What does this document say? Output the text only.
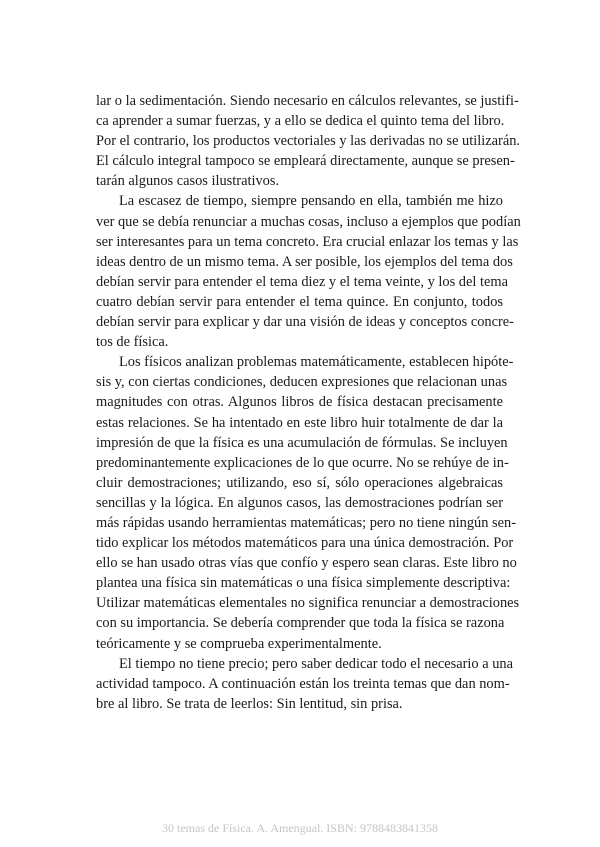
lar o la sedimentación. Siendo necesario en cálculos relevantes, se justifi-
ca aprender a sumar fuerzas, y a ello se dedica el quinto tema del libro.
Por el contrario, los productos vectoriales y las derivadas no se utilizarán.
El cálculo integral tampoco se empleará directamente, aunque se presen-
tarán algunos casos ilustrativos.
La escasez de tiempo, siempre pensando en ella, también me hizo
ver que se debía renunciar a muchas cosas, incluso a ejemplos que podían
ser interesantes para un tema concreto. Era crucial enlazar los temas y las
ideas dentro de un mismo tema. A ser posible, los ejemplos del tema dos
debían servir para entender el tema diez y el tema veinte, y los del tema
cuatro debían servir para entender el tema quince. En conjunto, todos
debían servir para explicar y dar una visión de ideas y conceptos concre-
tos de física.
Los físicos analizan problemas matemáticamente, establecen hipóte-
sis y, con ciertas condiciones, deducen expresiones que relacionan unas
magnitudes con otras. Algunos libros de física destacan precisamente
estas relaciones. Se ha intentado en este libro huir totalmente de dar la
impresión de que la física es una acumulación de fórmulas. Se incluyen
predominantemente explicaciones de lo que ocurre. No se rehúye de in-
cluir demostraciones; utilizando, eso sí, sólo operaciones algebraicas
sencillas y la lógica. En algunos casos, las demostraciones podrían ser
más rápidas usando herramientas matemáticas; pero no tiene ningún sen-
tido explicar los métodos matemáticos para una única demostración. Por
ello se han usado otras vías que confío y espero sean claras. Este libro no
plantea una física sin matemáticas o una física simplemente descriptiva:
Utilizar matemáticas elementales no significa renunciar a demostraciones
con su importancia. Se debería comprender que toda la física se razona
teóricamente y se comprueba experimentalmente.
El tiempo no tiene precio; pero saber dedicar todo el necesario a una
actividad tampoco. A continuación están los treinta temas que dan nom-
bre al libro. Se trata de leerlos: Sin lentitud, sin prisa.
30 temas de Física. A. Amengual. ISBN: 9788483841358
